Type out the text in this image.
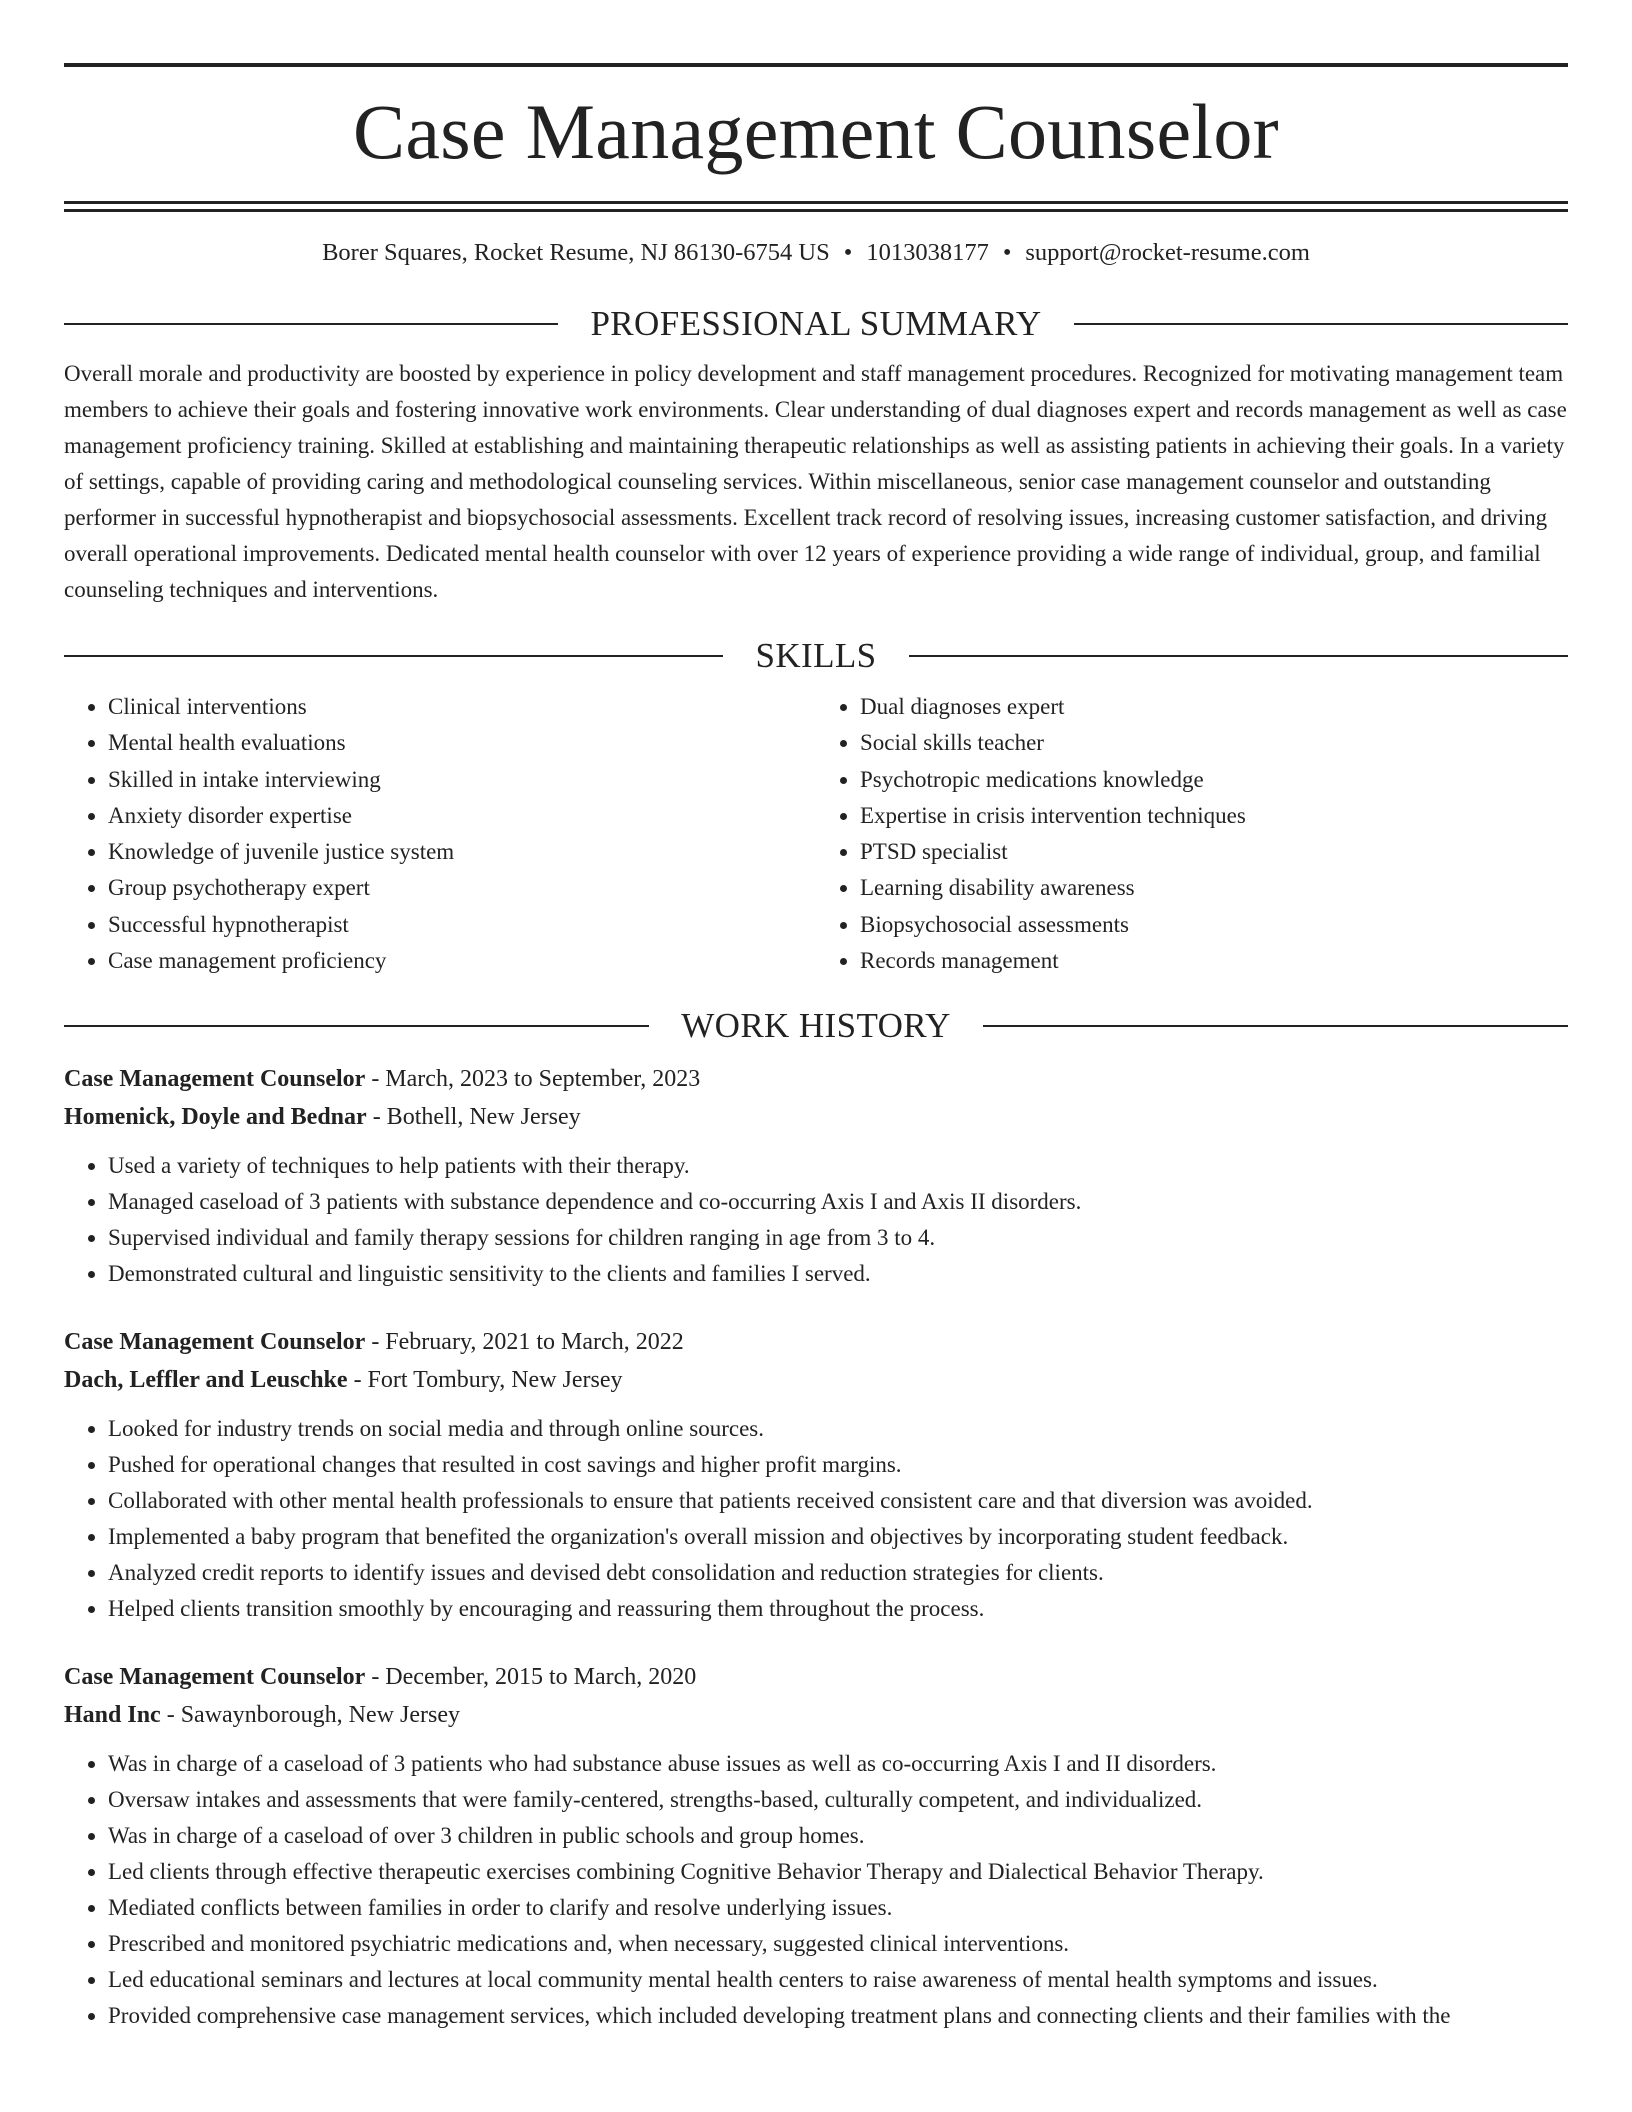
Case Management Counselor
Borer Squares, Rocket Resume, NJ 86130-6754 US • 1013038177 • support@rocket-resume.com
PROFESSIONAL SUMMARY
Overall morale and productivity are boosted by experience in policy development and staff management procedures. Recognized for motivating management team members to achieve their goals and fostering innovative work environments. Clear understanding of dual diagnoses expert and records management as well as case management proficiency training. Skilled at establishing and maintaining therapeutic relationships as well as assisting patients in achieving their goals. In a variety of settings, capable of providing caring and methodological counseling services. Within miscellaneous, senior case management counselor and outstanding performer in successful hypnotherapist and biopsychosocial assessments. Excellent track record of resolving issues, increasing customer satisfaction, and driving overall operational improvements. Dedicated mental health counselor with over 12 years of experience providing a wide range of individual, group, and familial counseling techniques and interventions.
SKILLS
• Clinical interventions
• Mental health evaluations
• Skilled in intake interviewing
• Anxiety disorder expertise
• Knowledge of juvenile justice system
• Group psychotherapy expert
• Successful hypnotherapist
• Case management proficiency
• Dual diagnoses expert
• Social skills teacher
• Psychotropic medications knowledge
• Expertise in crisis intervention techniques
• PTSD specialist
• Learning disability awareness
• Biopsychosocial assessments
• Records management
WORK HISTORY
Case Management Counselor - March, 2023 to September, 2023
Homenick, Doyle and Bednar - Bothell, New Jersey
• Used a variety of techniques to help patients with their therapy.
• Managed caseload of 3 patients with substance dependence and co-occurring Axis I and Axis II disorders.
• Supervised individual and family therapy sessions for children ranging in age from 3 to 4.
• Demonstrated cultural and linguistic sensitivity to the clients and families I served.
Case Management Counselor - February, 2021 to March, 2022
Dach, Leffler and Leuschke - Fort Tombury, New Jersey
• Looked for industry trends on social media and through online sources.
• Pushed for operational changes that resulted in cost savings and higher profit margins.
• Collaborated with other mental health professionals to ensure that patients received consistent care and that diversion was avoided.
• Implemented a baby program that benefited the organization's overall mission and objectives by incorporating student feedback.
• Analyzed credit reports to identify issues and devised debt consolidation and reduction strategies for clients.
• Helped clients transition smoothly by encouraging and reassuring them throughout the process.
Case Management Counselor - December, 2015 to March, 2020
Hand Inc - Sawaynborough, New Jersey
• Was in charge of a caseload of 3 patients who had substance abuse issues as well as co-occurring Axis I and II disorders.
• Oversaw intakes and assessments that were family-centered, strengths-based, culturally competent, and individualized.
• Was in charge of a caseload of over 3 children in public schools and group homes.
• Led clients through effective therapeutic exercises combining Cognitive Behavior Therapy and Dialectical Behavior Therapy.
• Mediated conflicts between families in order to clarify and resolve underlying issues.
• Prescribed and monitored psychiatric medications and, when necessary, suggested clinical interventions.
• Led educational seminars and lectures at local community mental health centers to raise awareness of mental health symptoms and issues.
• Provided comprehensive case management services, which included developing treatment plans and connecting clients and their families with the
